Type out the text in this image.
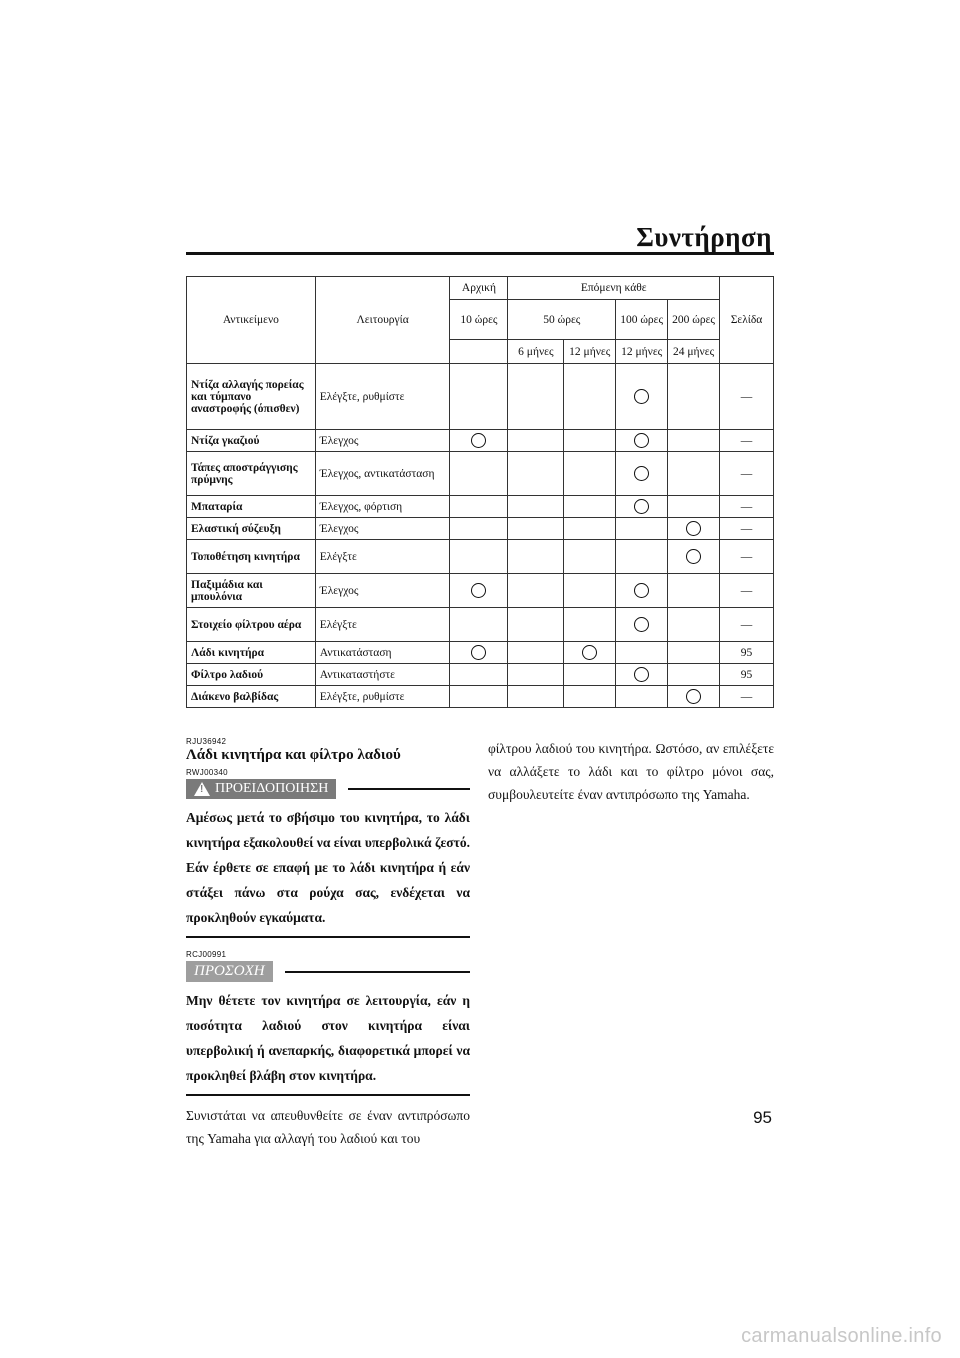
Συντήρηση
Αντικείμενο	Λειτουργία	Αρχική	Επόμενη κάθε				Σελίδα
		10 ώρες	50 ώρες		100 ώρες	200 ώρες	
			6 μήνες	12 μήνες	12 μήνες	24 μήνες	
Ντίζα αλλαγής πορείας και τύμπανο αναστροφής (όπισθεν)	Ελέγξτε, ρυθμίστε						—
Ντίζα γκαζιού	Έλεγχος						—
Τάπες αποστράγγισης πρύμνης	Έλεγχος, αντικατάσταση						—
Μπαταρία	Έλεγχος, φόρτιση						—
Ελαστική σύζευξη	Έλεγχος						—
Τοποθέτηση κινητήρα	Ελέγξτε						—
Παξιμάδια και μπουλόνια	Έλεγχος						—
Στοιχείο φίλτρου αέρα	Ελέγξτε						—
Λάδι κινητήρα	Αντικατάσταση						95
Φίλτρο λαδιού	Αντικαταστήστε						95
Διάκενο βαλβίδας	Ελέγξτε, ρυθμίστε						—
RJU36942
Λάδι κινητήρα και φίλτρο λαδιού
RWJ00340
! ΠΡΟΕΙΔΟΠΟΙΗΣΗ

Αμέσως μετά το σβήσιμο του κινητήρα, το λάδι κινητήρα εξακολουθεί να είναι υπερβολικά ζεστό. Εάν έρθετε σε επαφή με το λάδι κινητήρα ή εάν στάξει πάνω στα ρούχα σας, ενδέχεται να προκληθούν εγκαύματα.

RCJ00991
ΠΡΟΣΟΧΗ

Μην θέτετε τον κινητήρα σε λειτουργία, εάν η ποσότητα λαδιού στον κινητήρα είναι υπερβολική ή ανεπαρκής, διαφορετικά μπορεί να προκληθεί βλάβη στον κινητήρα.

Συνιστάται να απευθυνθείτε σε έναν αντιπρόσωπο της Yamaha για αλλαγή του λαδιού και του

φίλτρου λαδιού του κινητήρα. Ωστόσο, αν επιλέξετε να αλλάξετε το λάδι και το φίλτρο μόνοι σας, συμβουλευτείτε έναν αντιπρόσωπο της Yamaha.

95
carmanualsonline.info
